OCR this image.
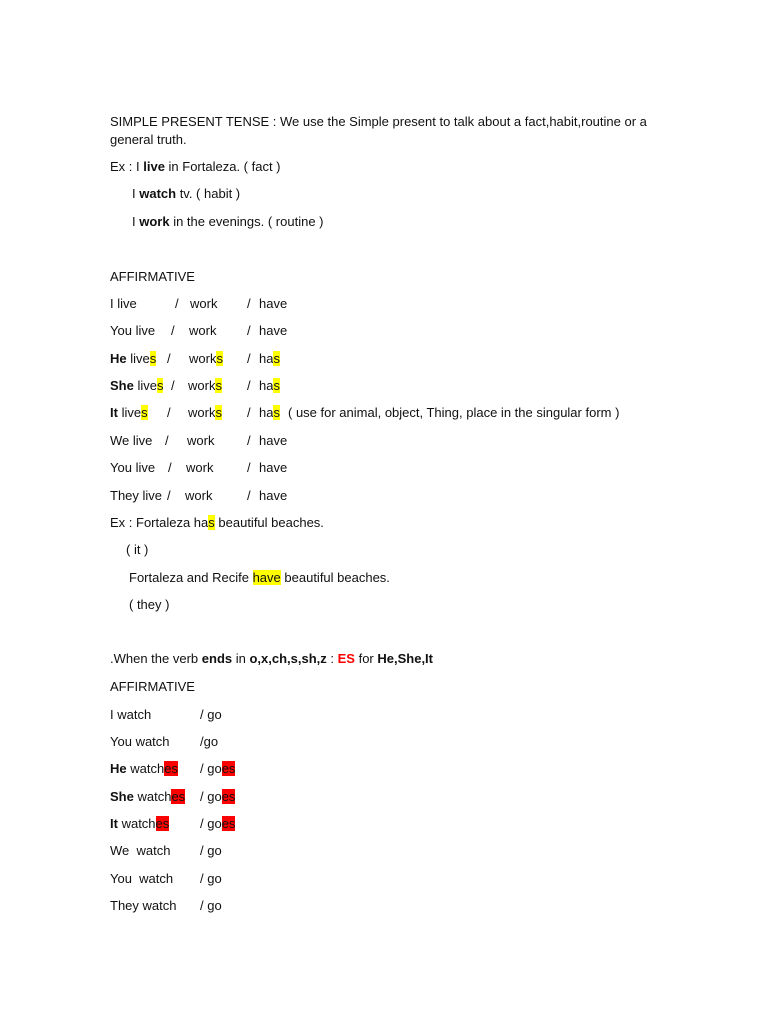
SIMPLE PRESENT TENSE : We use the Simple present to talk about a fact,habit,routine or a general truth.
Ex : I live in Fortaleza. ( fact )
I watch tv. ( habit )
I work in the evenings. ( routine )
AFFIRMATIVE
I live	/ work / have
You live / work / have
He lives / works / has
She lives / works / has
It lives / works / has ( use for animal, object, Thing, place in the singular form )
We live / work	/ have
You live / work	/ have
They live / work	/ have
Ex : Fortaleza has beautiful beaches.
( it )
Fortaleza and Recife have beautiful beaches.
( they )
.When the verb ends in o,x,ch,s,sh,z : ES for He,She,It
AFFIRMATIVE
I watch	/ go
You watch /go
He watches / goes
She watches / goes
It watches / goes
We watch / go
You watch / go
They watch / go
